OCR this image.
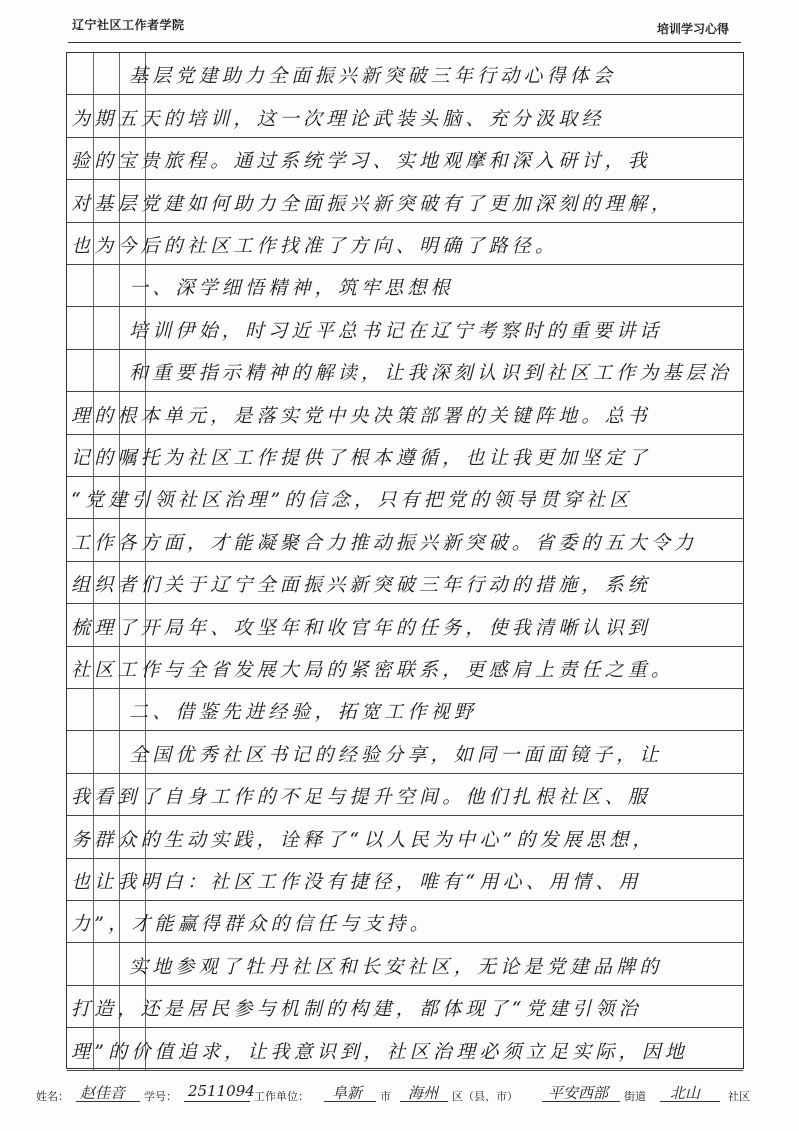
辽宁社区工作者学院	培训学习心得
基层党建助力全面振兴新突破三年行动心得体会
为期五天的培训，这一次理论武装头脑、充分汲取经
验的宝贵旅程。通过系统学习、实地观摩和深入研讨，我
对基层党建如何助力全面振兴新突破有了更加深刻的理解，
也为今后的社区工作找准了方向、明确了路径。
一、深学细悟精神，筑牢思想根
培训伊始，时习近平总书记在辽宁考察时的重要讲话
和重要指示精神的解读，让我深刻认识到社区工作为基层治
理的根本单元，是落实党中央决策部署的关键阵地。总书
记的嘱托为社区工作提供了根本遵循，也让我更加坚定了
“党建引领社区治理”的信念，只有把党的领导贯穿社区
工作各方面，才能凝聚合力推动振兴新突破。省委的五大令力
组织者们关于辽宁全面振兴新突破三年行动的措施，系统
梳理了开局年、攻坚年和收官年的任务，使我清晰认识到
社区工作与全省发展大局的紧密联系，更感肩上责任之重。
二、借鉴先进经验，拓宽工作视野
全国优秀社区书记的经验分享，如同一面面镜子，让
我看到了自身工作的不足与提升空间。他们扎根社区、服
务群众的生动实践，诠释了“以人民为中心”的发展思想，
也让我明白：社区工作没有捷径，唯有“用心、用情、用
力”，才能赢得群众的信任与支持。
实地参观了牡丹社区和长安社区，无论是党建品牌的
打造，还是居民参与机制的构建，都体现了“党建引领治
理”的价值追求，让我意识到，社区治理必须立足实际，因地
姓名： 赵佳音 学号： 2511094 工作单位： 阜新 市 海州 区（县、市） 平安西部 街道 北山	社区
